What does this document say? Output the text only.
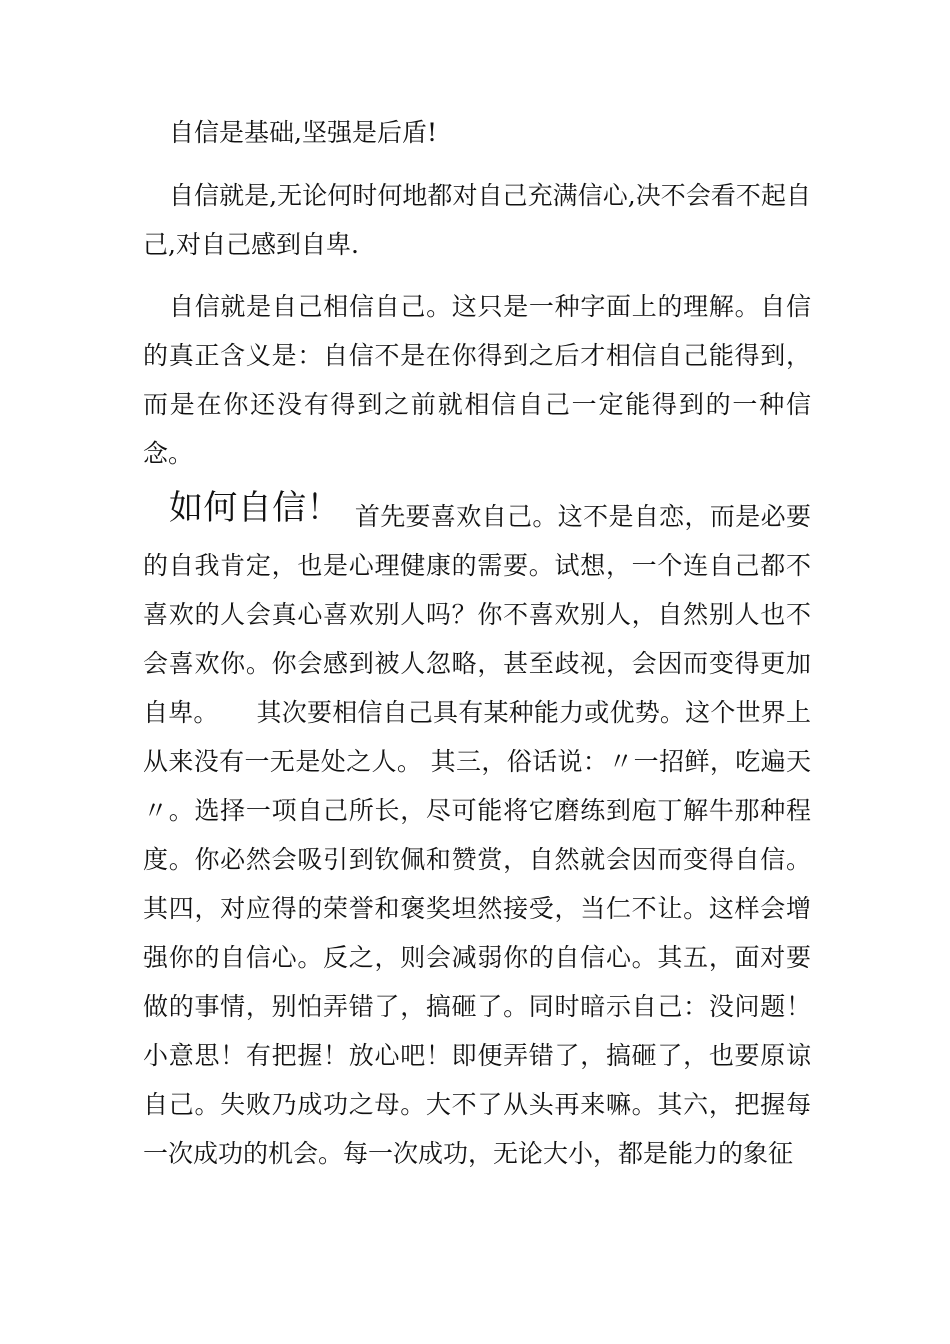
自信是基础,坚强是后盾!

自信就是,无论何时何地都对自己充满信心,决不会看不起自己,对自己感到自卑.

自信就是自己相信自己。这只是一种字面上的理解。自信的真正含义是：自信不是在你得到之后才相信自己能得到，而是在你还没有得到之前就相信自己一定能得到的一种信念。

如何自信！ 首先要喜欢自己。这不是自恋，而是必要的自我肯定，也是心理健康的需要。试想，一个连自己都不喜欢的人会真心喜欢别人吗？你不喜欢别人，自然别人也不会喜欢你。你会感到被人忽略，甚至歧视，会因而变得更加自卑。　　其次要相信自己具有某种能力或优势。这个世界上从来没有一无是处之人。 其三，俗话说：〃一招鲜，吃遍天〃。选择一项自己所长，尽可能将它磨练到庖丁解牛那种程度。你必然会吸引到钦佩和赞赏，自然就会因而变得自信。其四，对应得的荣誉和褒奖坦然接受，当仁不让。这样会增强你的自信心。反之，则会减弱你的自信心。其五，面对要做的事情，别怕弄错了，搞砸了。同时暗示自己：没问题！小意思！有把握！放心吧！即便弄错了，搞砸了，也要原谅自己。失败乃成功之母。大不了从头再来嘛。其六，把握每一次成功的机会。每一次成功，无论大小，都是能力的象征
